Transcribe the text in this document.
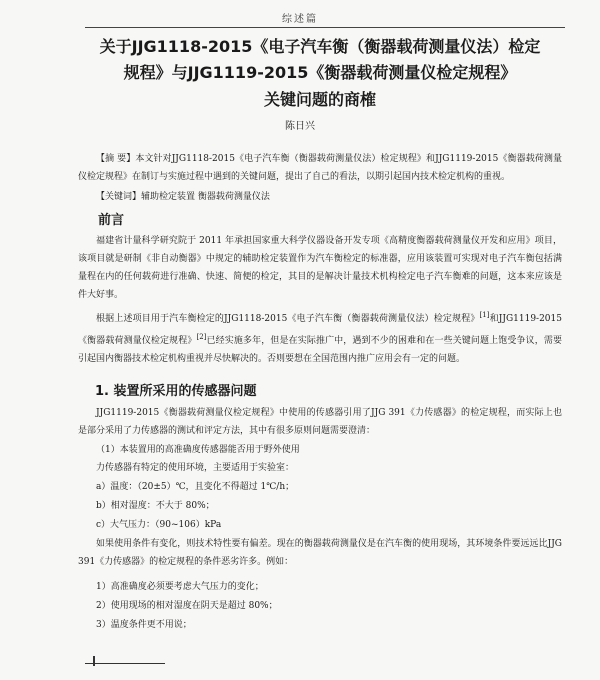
综述篇
关于JJG1118-2015《电子汽车衡（衡器载荷测量仪法）检定
规程》与JJG1119-2015《衡器载荷测量仪检定规程》
关键问题的商榷
陈日兴
【摘 要】本文针对JJG1118-2015《电子汽车衡（衡器载荷测量仪法）检定规程》和JJG1119-2015《衡器载荷测量仪检定规程》在制订与实施过程中遇到的关键问题，提出了自己的看法，以期引起国内技术检定机构的重视。
【关键词】辅助检定装置 衡器载荷测量仪法
前言
福建省计量科学研究院于 2011 年承担国家重大科学仪器设备开发专项《高精度衡器载荷测量仪开发和应用》项目，该项目就是研制《非自动衡器》中规定的辅助检定装置作为汽车衡检定的标准器，应用该装置可实现对电子汽车衡包括满量程在内的任何载荷进行准确、快速、简便的检定，其目的是解决计量技术机构检定电子汽车衡难的问题，这本来应该是件大好事。
根据上述项目用于汽车衡检定的JJG1118-2015《电子汽车衡（衡器载荷测量仪法）检定规程》[1]和JJG1119-2015《衡器载荷测量仪检定规程》[2]已经实施多年，但是在实际推广中，遇到不少的困难和在一些关键问题上饱受争议，需要引起国内衡器技术检定机构重视并尽快解决的。否则要想在全国范围内推广应用会有一定的问题。
1. 装置所采用的传感器问题
JJG1119-2015《衡器载荷测量仪检定规程》中使用的传感器引用了JJG 391《力传感器》的检定规程，而实际上也是部分采用了力传感器的测试和评定方法，其中有很多原则问题需要澄清：
（1）本装置用的高准确度传感器能否用于野外使用
力传感器有特定的使用环境，主要适用于实验室：
a）温度：（20±5）℃，且变化不得超过 1℃/h；
b）相对湿度：不大于 80%；
c）大气压力：（90~106）kPa
如果使用条件有变化，则技术特性要有偏差。现在的衡器载荷测量仪是在汽车衡的使用现场，其环境条件要远远比JJG 391《力传感器》的检定规程的条件恶劣许多。例如：
1）高准确度必须要考虑大气压力的变化；
2）使用现场的相对湿度在阴天是超过 80%；
3）温度条件更不用说；
